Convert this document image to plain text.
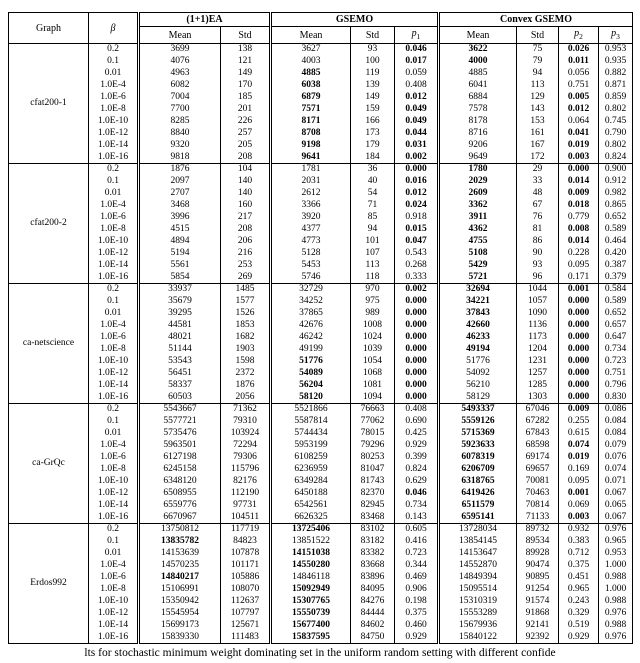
Graph	β	(1+1)EA		GSEMO			Convex GSEMO			
		Mean	Std	Mean	Std	$p_1$	Mean	Std	$p_2$	$p_3$
cfat200-1	0.2	3699	138	3627	93	0.046	3622	75	0.026	0.953
	0.1	4076	121	4003	100	0.017	4000	79	0.011	0.935
	0.01	4963	149	4885	119	0.059	4885	94	0.056	0.882
	1.0E-4	6082	170	6038	139	0.408	6041	113	0.751	0.871
	1.0E-6	7004	185	6879	149	0.012	6884	129	0.005	0.859
	1.0E-8	7700	201	7571	159	0.049	7578	143	0.012	0.802
	1.0E-10	8285	226	8171	166	0.049	8178	153	0.064	0.745
	1.0E-12	8840	257	8708	173	0.044	8716	161	0.041	0.790
	1.0E-14	9320	205	9198	179	0.031	9206	167	0.019	0.802
	1.0E-16	9818	208	9641	184	0.002	9649	172	0.003	0.824
cfat200-2	0.2	1876	104	1781	36	0.000	1780	29	0.000	0.900
	0.1	2097	140	2031	40	0.016	2029	33	0.014	0.912
	0.01	2707	140	2612	54	0.012	2609	48	0.009	0.982
	1.0E-4	3468	160	3366	71	0.024	3362	67	0.018	0.865
	1.0E-6	3996	217	3920	85	0.918	3911	76	0.779	0.652
	1.0E-8	4515	208	4377	94	0.015	4362	81	0.008	0.589
	1.0E-10	4894	206	4773	101	0.047	4755	86	0.014	0.464
	1.0E-12	5194	216	5128	107	0.543	5108	90	0.228	0.420
	1.0E-14	5561	253	5453	113	0.268	5429	93	0.095	0.387
	1.0E-16	5854	269	5746	118	0.333	5721	96	0.171	0.379
ca-netscience	0.2	33937	1485	32729	970	0.002	32694	1044	0.001	0.584
	0.1	35679	1577	34252	975	0.000	34221	1057	0.000	0.589
	0.01	39295	1526	37865	989	0.000	37843	1090	0.000	0.652
	1.0E-4	44581	1853	42676	1008	0.000	42660	1136	0.000	0.657
	1.0E-6	48021	1682	46242	1024	0.000	46233	1173	0.000	0.647
	1.0E-8	51144	1903	49199	1039	0.000	49194	1204	0.000	0.734
	1.0E-10	53543	1598	51776	1054	0.000	51776	1231	0.000	0.723
	1.0E-12	56451	2372	54089	1068	0.000	54092	1257	0.000	0.751
	1.0E-14	58337	1876	56204	1081	0.000	56210	1285	0.000	0.796
	1.0E-16	60503	2056	58120	1094	0.000	58129	1303	0.000	0.830
ca-GrQc	0.2	5543667	71362	5521866	76663	0.408	5493337	67046	0.009	0.086
	0.1	5577721	79310	5587814	77062	0.690	5559126	67282	0.255	0.084
	0.01	5735476	103924	5744434	78015	0.425	5715369	67843	0.615	0.084
	1.0E-4	5963501	72294	5953199	79296	0.929	5923633	68598	0.074	0.079
	1.0E-6	6127198	79306	6108259	80253	0.399	6078319	69174	0.019	0.076
	1.0E-8	6245158	115796	6236959	81047	0.824	6206709	69657	0.169	0.074
	1.0E-10	6348120	82176	6349284	81743	0.629	6318765	70081	0.095	0.071
	1.0E-12	6508955	112190	6450188	82370	0.046	6419426	70463	0.001	0.067
	1.0E-14	6559776	97731	6542561	82945	0.734	6511579	70814	0.069	0.065
	1.0E-16	6670967	104511	6626325	83468	0.143	6595141	71133	0.003	0.067
Erdos992	0.2	13750812	117719	13725406	83102	0.605	13728034	89732	0.932	0.976
	0.1	13835782	84823	13851522	83182	0.416	13854145	89534	0.383	0.965
	0.01	14153639	107878	14151038	83382	0.723	14153647	89928	0.712	0.953
	1.0E-4	14570235	101171	14550280	83668	0.344	14552870	90474	0.375	1.000
	1.0E-6	14840217	105886	14846118	83896	0.469	14849394	90895	0.451	0.988
	1.0E-8	15106991	108070	15092949	84095	0.906	15095514	91254	0.965	1.000
	1.0E-10	15350942	112637	15307765	84276	0.198	15310319	91574	0.243	0.988
	1.0E-12	15545954	107797	15550739	84444	0.375	15553289	91868	0.329	0.976
	1.0E-14	15699173	125671	15677400	84602	0.460	15679936	92141	0.519	0.988
	1.0E-16	15839330	111483	15837595	84750	0.929	15840122	92392	0.929	0.976
lts for stochastic minimum weight dominating set in the uniform random setting with different confide
